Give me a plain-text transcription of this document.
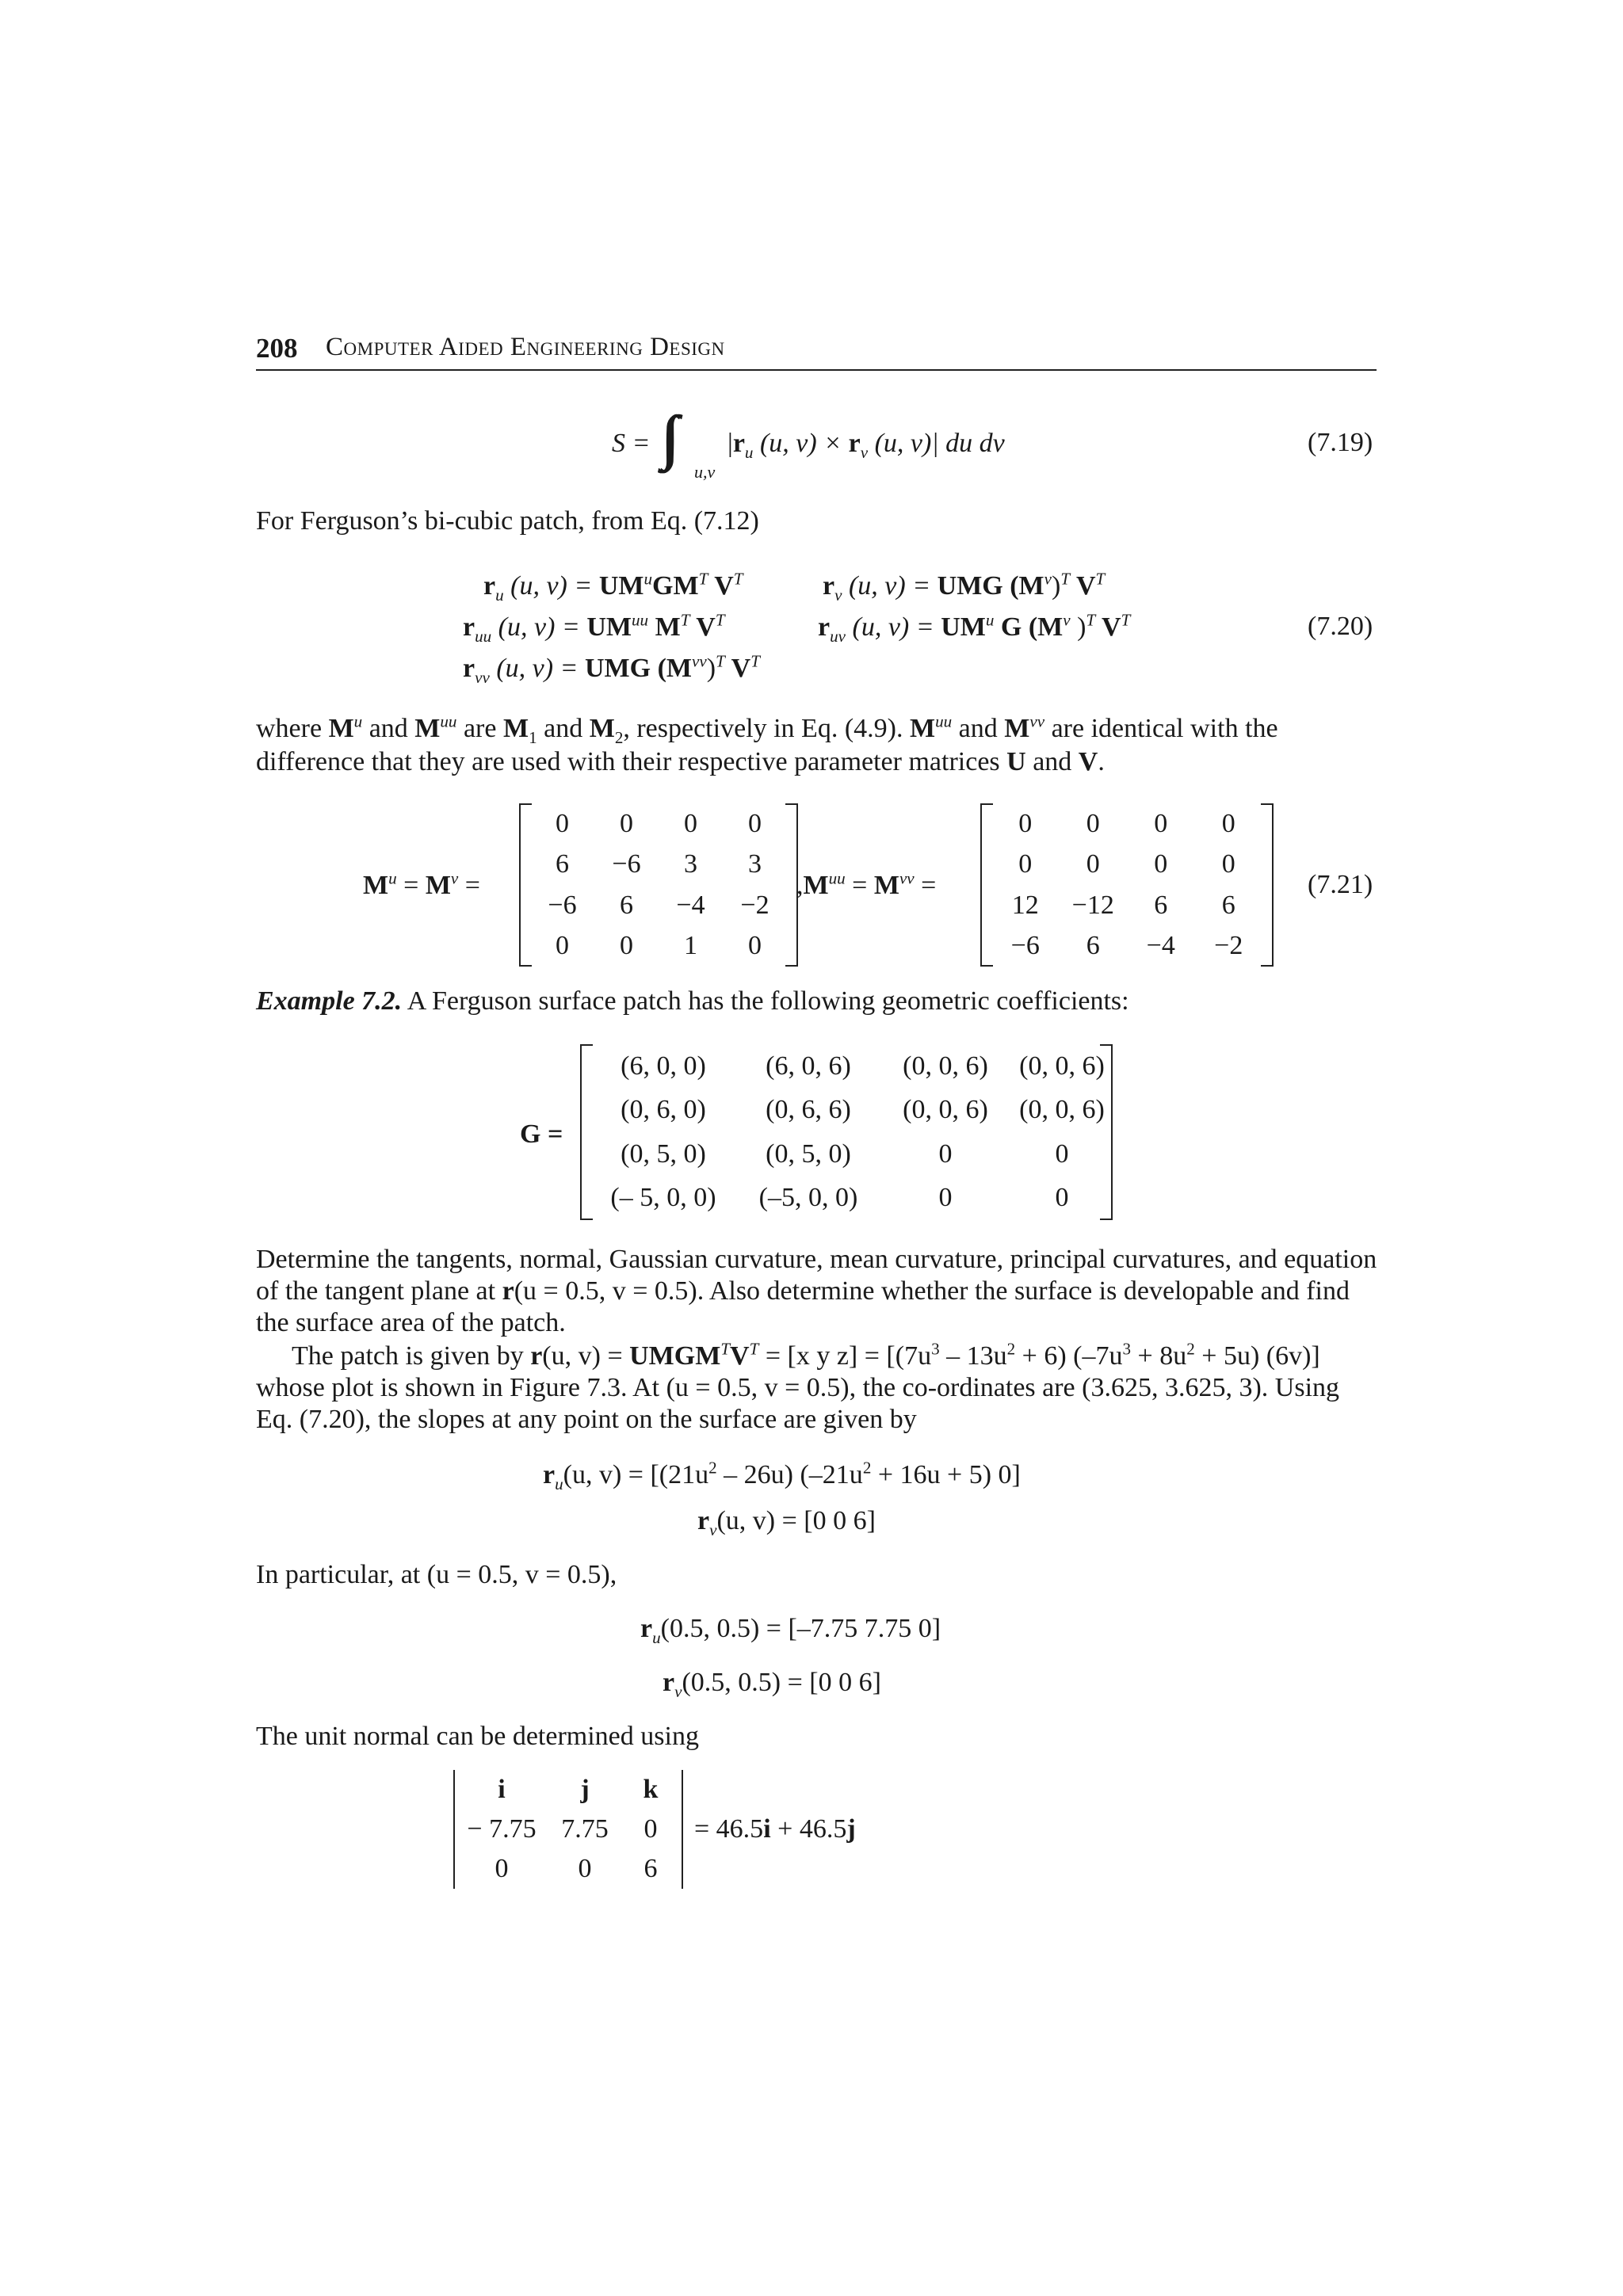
208 Computer Aided Engineering Design
S = ∫∫
u,v
$|r_u$ (u, $v) \times r_v$ (u, v)| du dv	(7.19)
For Ferguson’s bi-cubic patch, from Eq. (7.12)
$r_u$ (u, $v) = UM^uGM^T$ $V^T$
$r_{uu}$ (u, $v) = UM^{uu}$ $M^T$ $V^T$
$r_{vv}$ (u, v) = UMG $(M^{vv})^T$ $V^T$
$r_v$ (u, v) = UMG $(M^v)^T$ $V^T$
$r_{uv}$ (u, $v) = UM^u$ G ($M^v$ )$^T$ $V^T$	(7.20)
where $M^u$ and $M^{uu}$ are $M_1$ and $M_2$, respectively in Eq. (4.9). $M^{uu}$ and $M^{vv}$ are identical with the
difference that they are used with their respective parameter matrices U and V.
$M^u = M^v$ =
0	0	0	0
6	−6	3	3
−6	6	−4	−2
0	0	1	0
$,M^{uu} = M^{vv}$ =
0	0	0	0
0	0	0	0
12	−12	6	6
−6	6	−4	−2
(7.21)
Example 7.2. A Ferguson surface patch has the following geometric coefficients:
G =
(6, 0, 0)	(6, 0, 6)	(0, 0, 6)	(0, 0, 6)
(0, 6, 0)	(0, 6, 6)	(0, 0, 6)	(0, 0, 6)
(0, 5, 0)	(0, 5, 0)	0	0
(– 5, 0, 0)	(–5, 0, 0)	0	0
Determine the tangents, normal, Gaussian curvature, mean curvature, principal curvatures, and equation
of the tangent plane at r(u = 0.5, v = 0.5). Also determine whether the surface is developable and find
the surface area of the patch.
The patch is given by r(u, $v) = UMGM^TV^T = [x$ y $z] = [(7u^3 - 13u^2 + 6) (-7u^3 + 8u^2 + 5u)$ (6v)]
whose plot is shown in Figure 7.3. At (u = 0.5, v = 0.5), the co-ordinates are (3.625, 3.625, 3). Using
Eq. (7.20), the slopes at any point on the surface are given by
$r_u(u$, $v) = [(21u^2 - 26u) (-21u^2 + 16u + 5)$ 0]
$r_v(u$, v) = [0 0 6]
In particular, at (u = 0.5, v = 0.5),
$r_u(0.5$, 0.5) = [–7.75 7.75 0]
$r_v(0.5$, 0.5) = [0 0 6]
The unit normal can be determined using
i	j	k
− 7.75 7.75	0
0	0	6
= 46.5i + 46.5j
